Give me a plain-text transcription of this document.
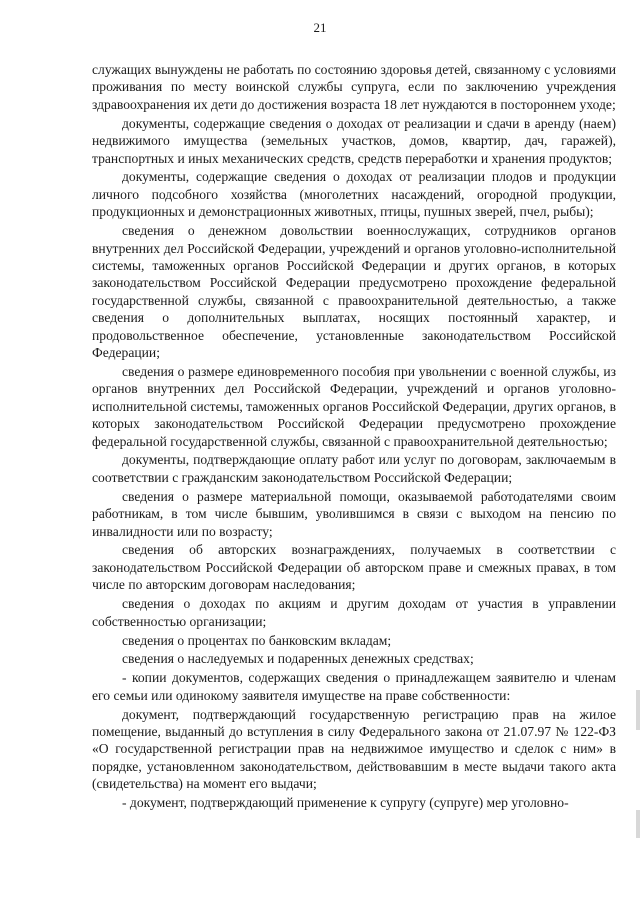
21

служащих вынуждены не работать по состоянию здоровья детей, связанному с условиями проживания по месту воинской службы супруга, если по заключению учреждения здравоохранения их дети до достижения возраста 18 лет нуждаются в постороннем уходе;

документы, содержащие сведения о доходах от реализации и сдачи в аренду (наем) недвижимого имущества (земельных участков, домов, квартир, дач, гаражей), транспортных и иных механических средств, средств переработки и хранения продуктов;

документы, содержащие сведения о доходах от реализации плодов и продукции личного подсобного хозяйства (многолетних насаждений, огородной продукции, продукционных и демонстрационных животных, птицы, пушных зверей, пчел, рыбы);

сведения о денежном довольствии военнослужащих, сотрудников органов внутренних дел Российской Федерации, учреждений и органов уголовно-исполнительной системы, таможенных органов Российской Федерации и других органов, в которых законодательством Российской Федерации предусмотрено прохождение федеральной государственной службы, связанной с правоохранительной деятельностью, а также сведения о дополнительных выплатах, носящих постоянный характер, и продовольственное обеспечение, установленные законодательством Российской Федерации;

сведения о размере единовременного пособия при увольнении с военной службы, из органов внутренних дел Российской Федерации, учреждений и органов уголовно-исполнительной системы, таможенных органов Российской Федерации, других органов, в которых законодательством Российской Федерации предусмотрено прохождение федеральной государственной службы, связанной с правоохранительной деятельностью;

документы, подтверждающие оплату работ или услуг по договорам, заключаемым в соответствии с гражданским законодательством Российской Федерации;

сведения о размере материальной помощи, оказываемой работодателями своим работникам, в том числе бывшим, уволившимся в связи с выходом на пенсию по инвалидности или по возрасту;

сведения об авторских вознаграждениях, получаемых в соответствии с законодательством Российской Федерации об авторском праве и смежных правах, в том числе по авторским договорам наследования;

сведения о доходах по акциям и другим доходам от участия в управлении собственностью организации;

сведения о процентах по банковским вкладам;

сведения о наследуемых и подаренных денежных средствах;

- копии документов, содержащих сведения о принадлежащем заявителю и членам его семьи или одинокому заявителя имуществе на праве собственности:

документ, подтверждающий государственную регистрацию прав на жилое помещение, выданный до вступления в силу Федерального закона от 21.07.97 № 122-ФЗ «О государственной регистрации прав на недвижимое имущество и сделок с ним» в порядке, установленном законодательством, действовавшим в месте выдачи такого акта (свидетельства) на момент его выдачи;

- документ, подтверждающий применение к супругу (супруге) мер уголовно-
